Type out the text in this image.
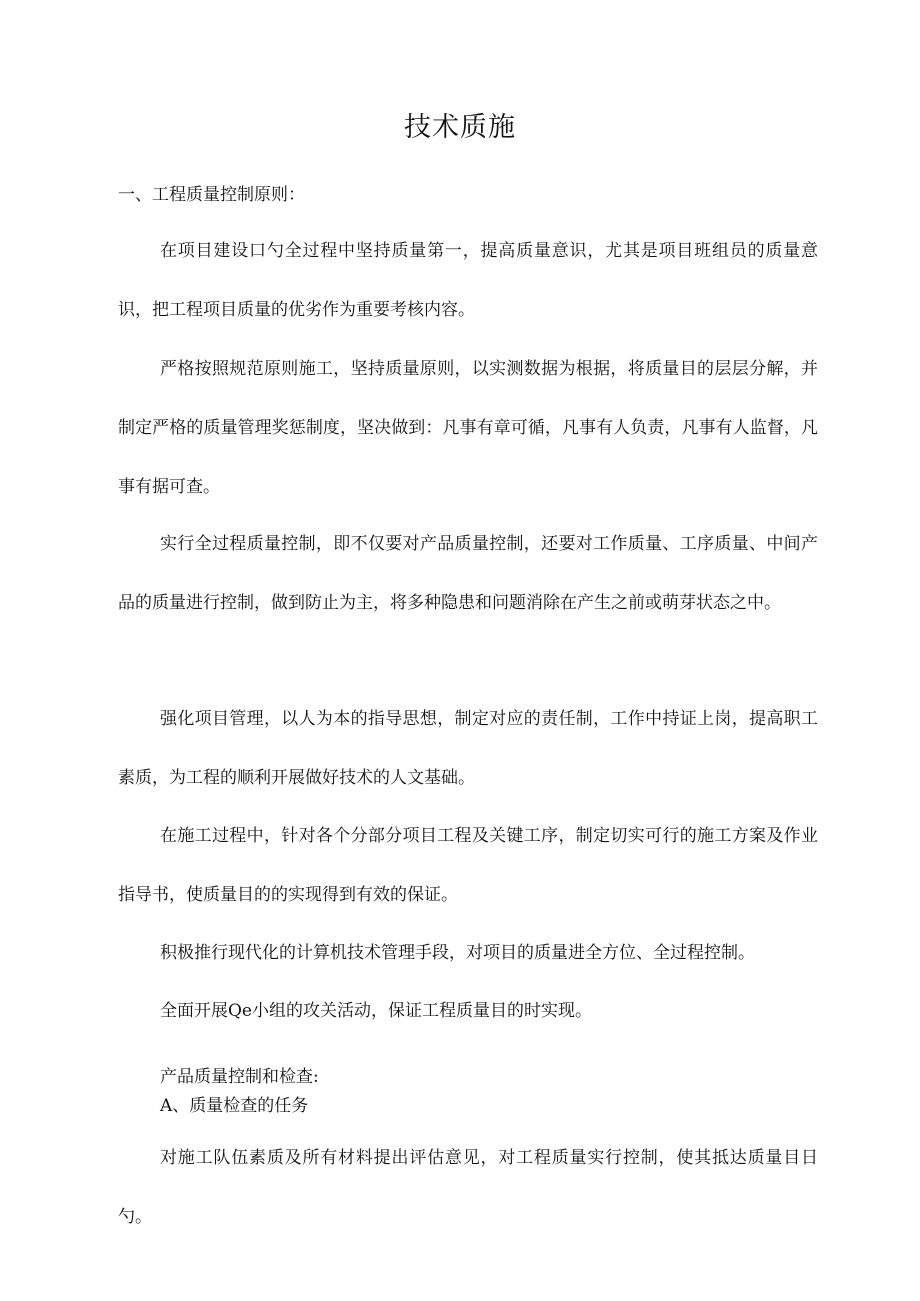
技术质施
一、工程质量控制原则：

在项目建设口勺全过程中坚持质量第一，提高质量意识，尤其是项目班组员的质量意识，把工程项目质量的优劣作为重要考核内容。

严格按照规范原则施工，坚持质量原则，以实测数据为根据，将质量目的层层分解，并制定严格的质量管理奖惩制度，坚决做到：凡事有章可循，凡事有人负责，凡事有人监督，凡事有据可查。

实行全过程质量控制，即不仅要对产品质量控制，还要对工作质量、工序质量、中间产品的质量进行控制，做到防止为主，将多种隐患和问题消除在产生之前或萌芽状态之中。

强化项目管理，以人为本的指导思想，制定对应的责任制，工作中持证上岗，提高职工素质，为工程的顺利开展做好技术的人文基础。

在施工过程中，针对各个分部分项目工程及关键工序，制定切实可行的施工方案及作业指导书，使质量目的的实现得到有效的保证。

积极推行现代化的计算机技术管理手段，对项目的质量进全方位、全过程控制。

全面开展Qe小组的攻关活动，保证工程质量目的时实现。

产品质量控制和检查:
A、质量检查的任务

对施工队伍素质及所有材料提出评估意见，对工程质量实行控制，使其抵达质量目日勺。
